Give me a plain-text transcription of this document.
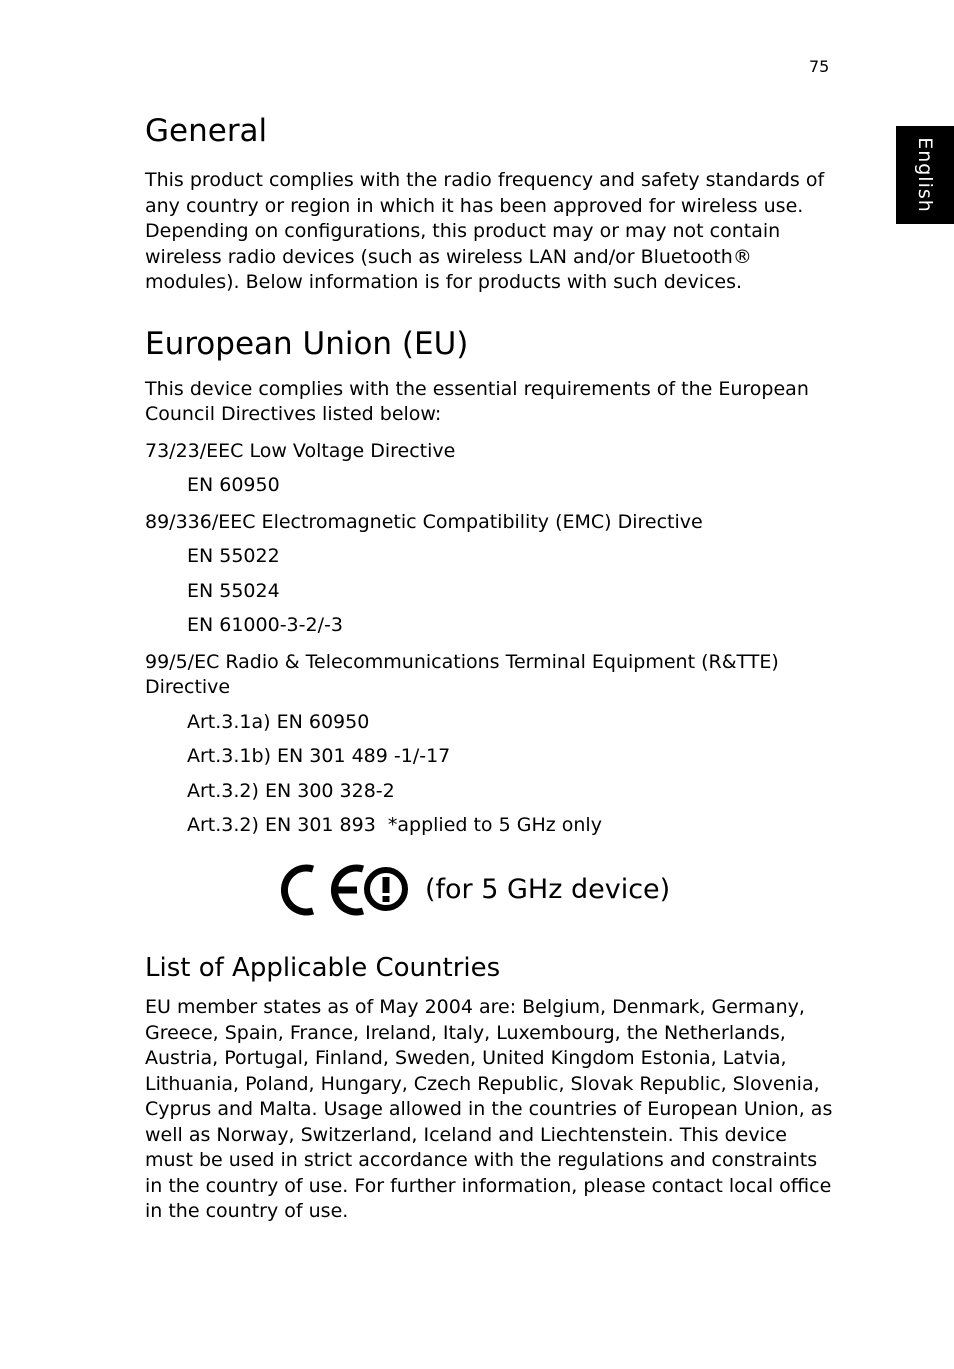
75
English
General

This product complies with the radio frequency and safety standards of any country or region in which it has been approved for wireless use. Depending on configurations, this product may or may not contain wireless radio devices (such as wireless LAN and/or Bluetooth® modules). Below information is for products with such devices.

European Union (EU)

This device complies with the essential requirements of the European Council Directives listed below:

73/23/EEC Low Voltage Directive

EN 60950

89/336/EEC Electromagnetic Compatibility (EMC) Directive

EN 55022

EN 55024

EN 61000-3-2/-3

99/5/EC Radio & Telecommunications Terminal Equipment (R&TTE) Directive

Art.3.1a) EN 60950

Art.3.1b) EN 301 489 -1/-17

Art.3.2) EN 300 328-2

Art.3.2) EN 301 893  *applied to 5 GHz only

(for 5 GHz device)
List of Applicable Countries

EU member states as of May 2004 are: Belgium, Denmark, Germany, Greece, Spain, France, Ireland, Italy, Luxembourg, the Netherlands, Austria, Portugal, Finland, Sweden, United Kingdom Estonia, Latvia, Lithuania, Poland, Hungary, Czech Republic, Slovak Republic, Slovenia, Cyprus and Malta. Usage allowed in the countries of European Union, as well as Norway, Switzerland, Iceland and Liechtenstein. This device must be used in strict accordance with the regulations and constraints in the country of use. For further information, please contact local office in the country of use.
